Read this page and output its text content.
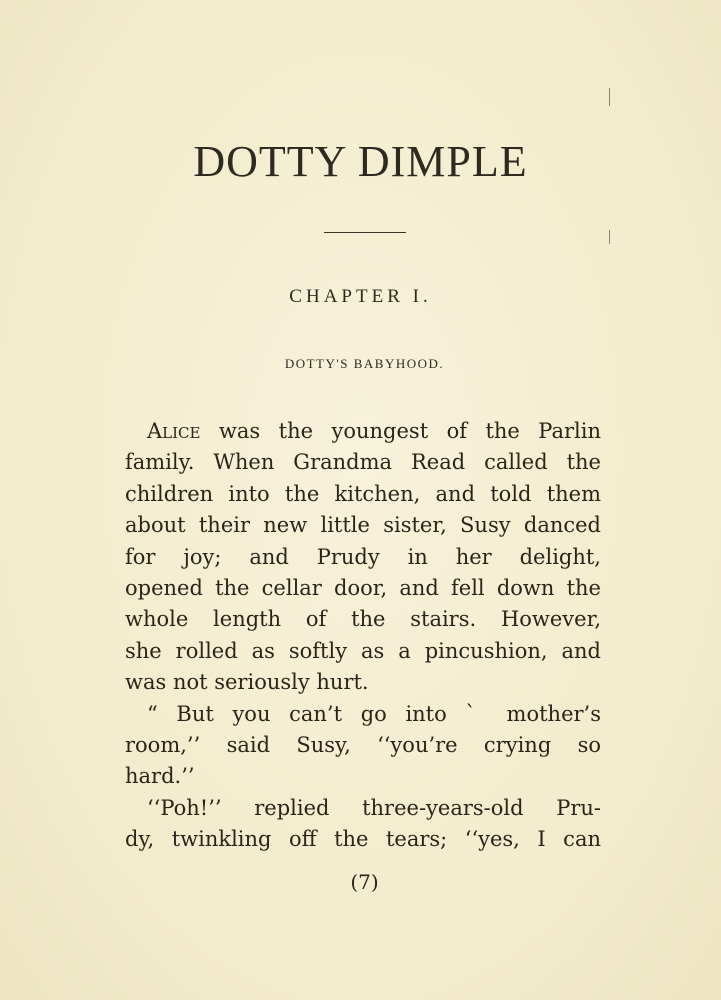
DOTTY DIMPLE
CHAPTER I.
DOTTY'S BABYHOOD.
Alice was the youngest of the Parlin
family. When Grandma Read called the
children into the kitchen, and told them
about their new little sister, Susy danced
for joy; and Prudy in her delight,
opened the cellar door, and fell down the
whole length of the stairs. However,
she rolled as softly as a pincushion, and
was not seriously hurt.
“ But you can’t go into ˋ mother’s
room,’’ said Susy, ‘‘you’re crying so
hard.’’
‘‘Poh!’’ replied three-years-old Pru-
dy, twinkling off the tears; ‘‘yes, I can
(7)
